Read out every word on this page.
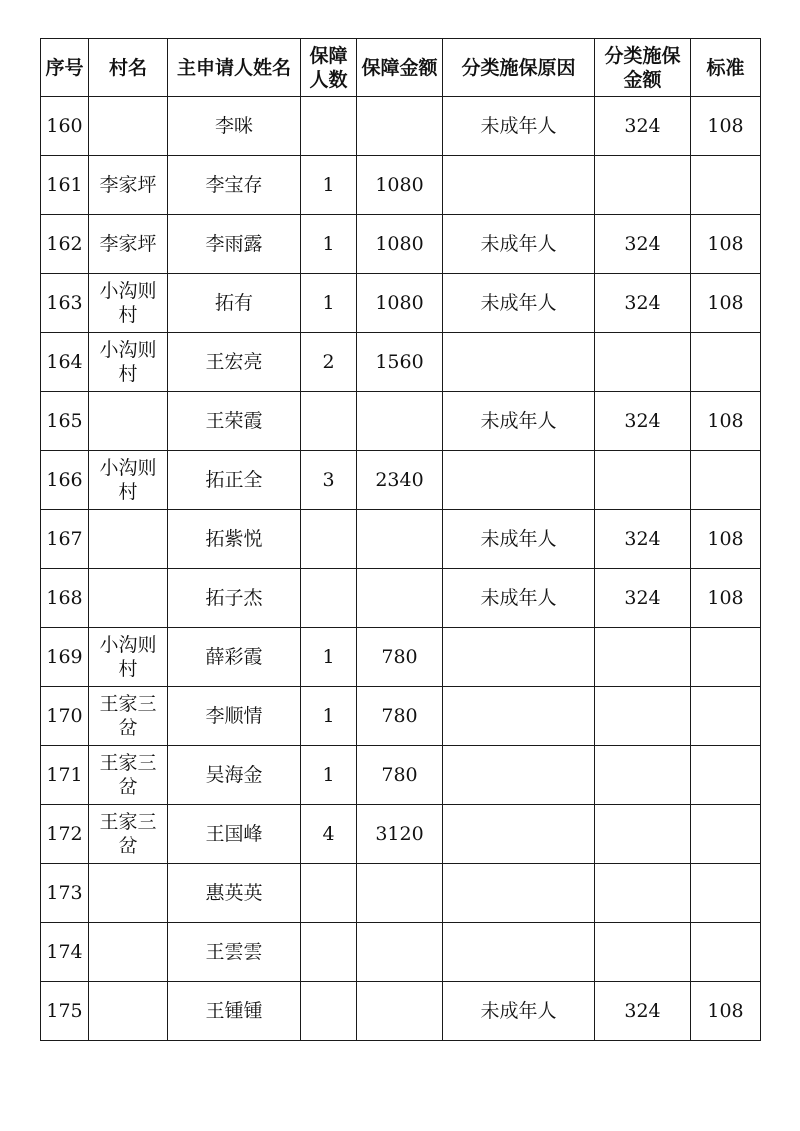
序号	村名	主申请人姓名	保障人数	保障金额	分类施保原因	分类施保金额	标准
160		李咪			未成年人	324	108
161	李家坪	李宝存	1	1080			
162	李家坪	李雨露	1	1080	未成年人	324	108
163	小沟则村	拓有	1	1080	未成年人	324	108
164	小沟则村	王宏亮	2	1560			
165		王荣霞			未成年人	324	108
166	小沟则村	拓正全	3	2340			
167		拓紫悦			未成年人	324	108
168		拓子杰			未成年人	324	108
169	小沟则村	薛彩霞	1	780			
170	王家三岔	李顺情	1	780			
171	王家三岔	吴海金	1	780			
172	王家三岔	王国峰	4	3120			
173		惠英英					
174		王雲雲					
175		王锺锺			未成年人	324	108
